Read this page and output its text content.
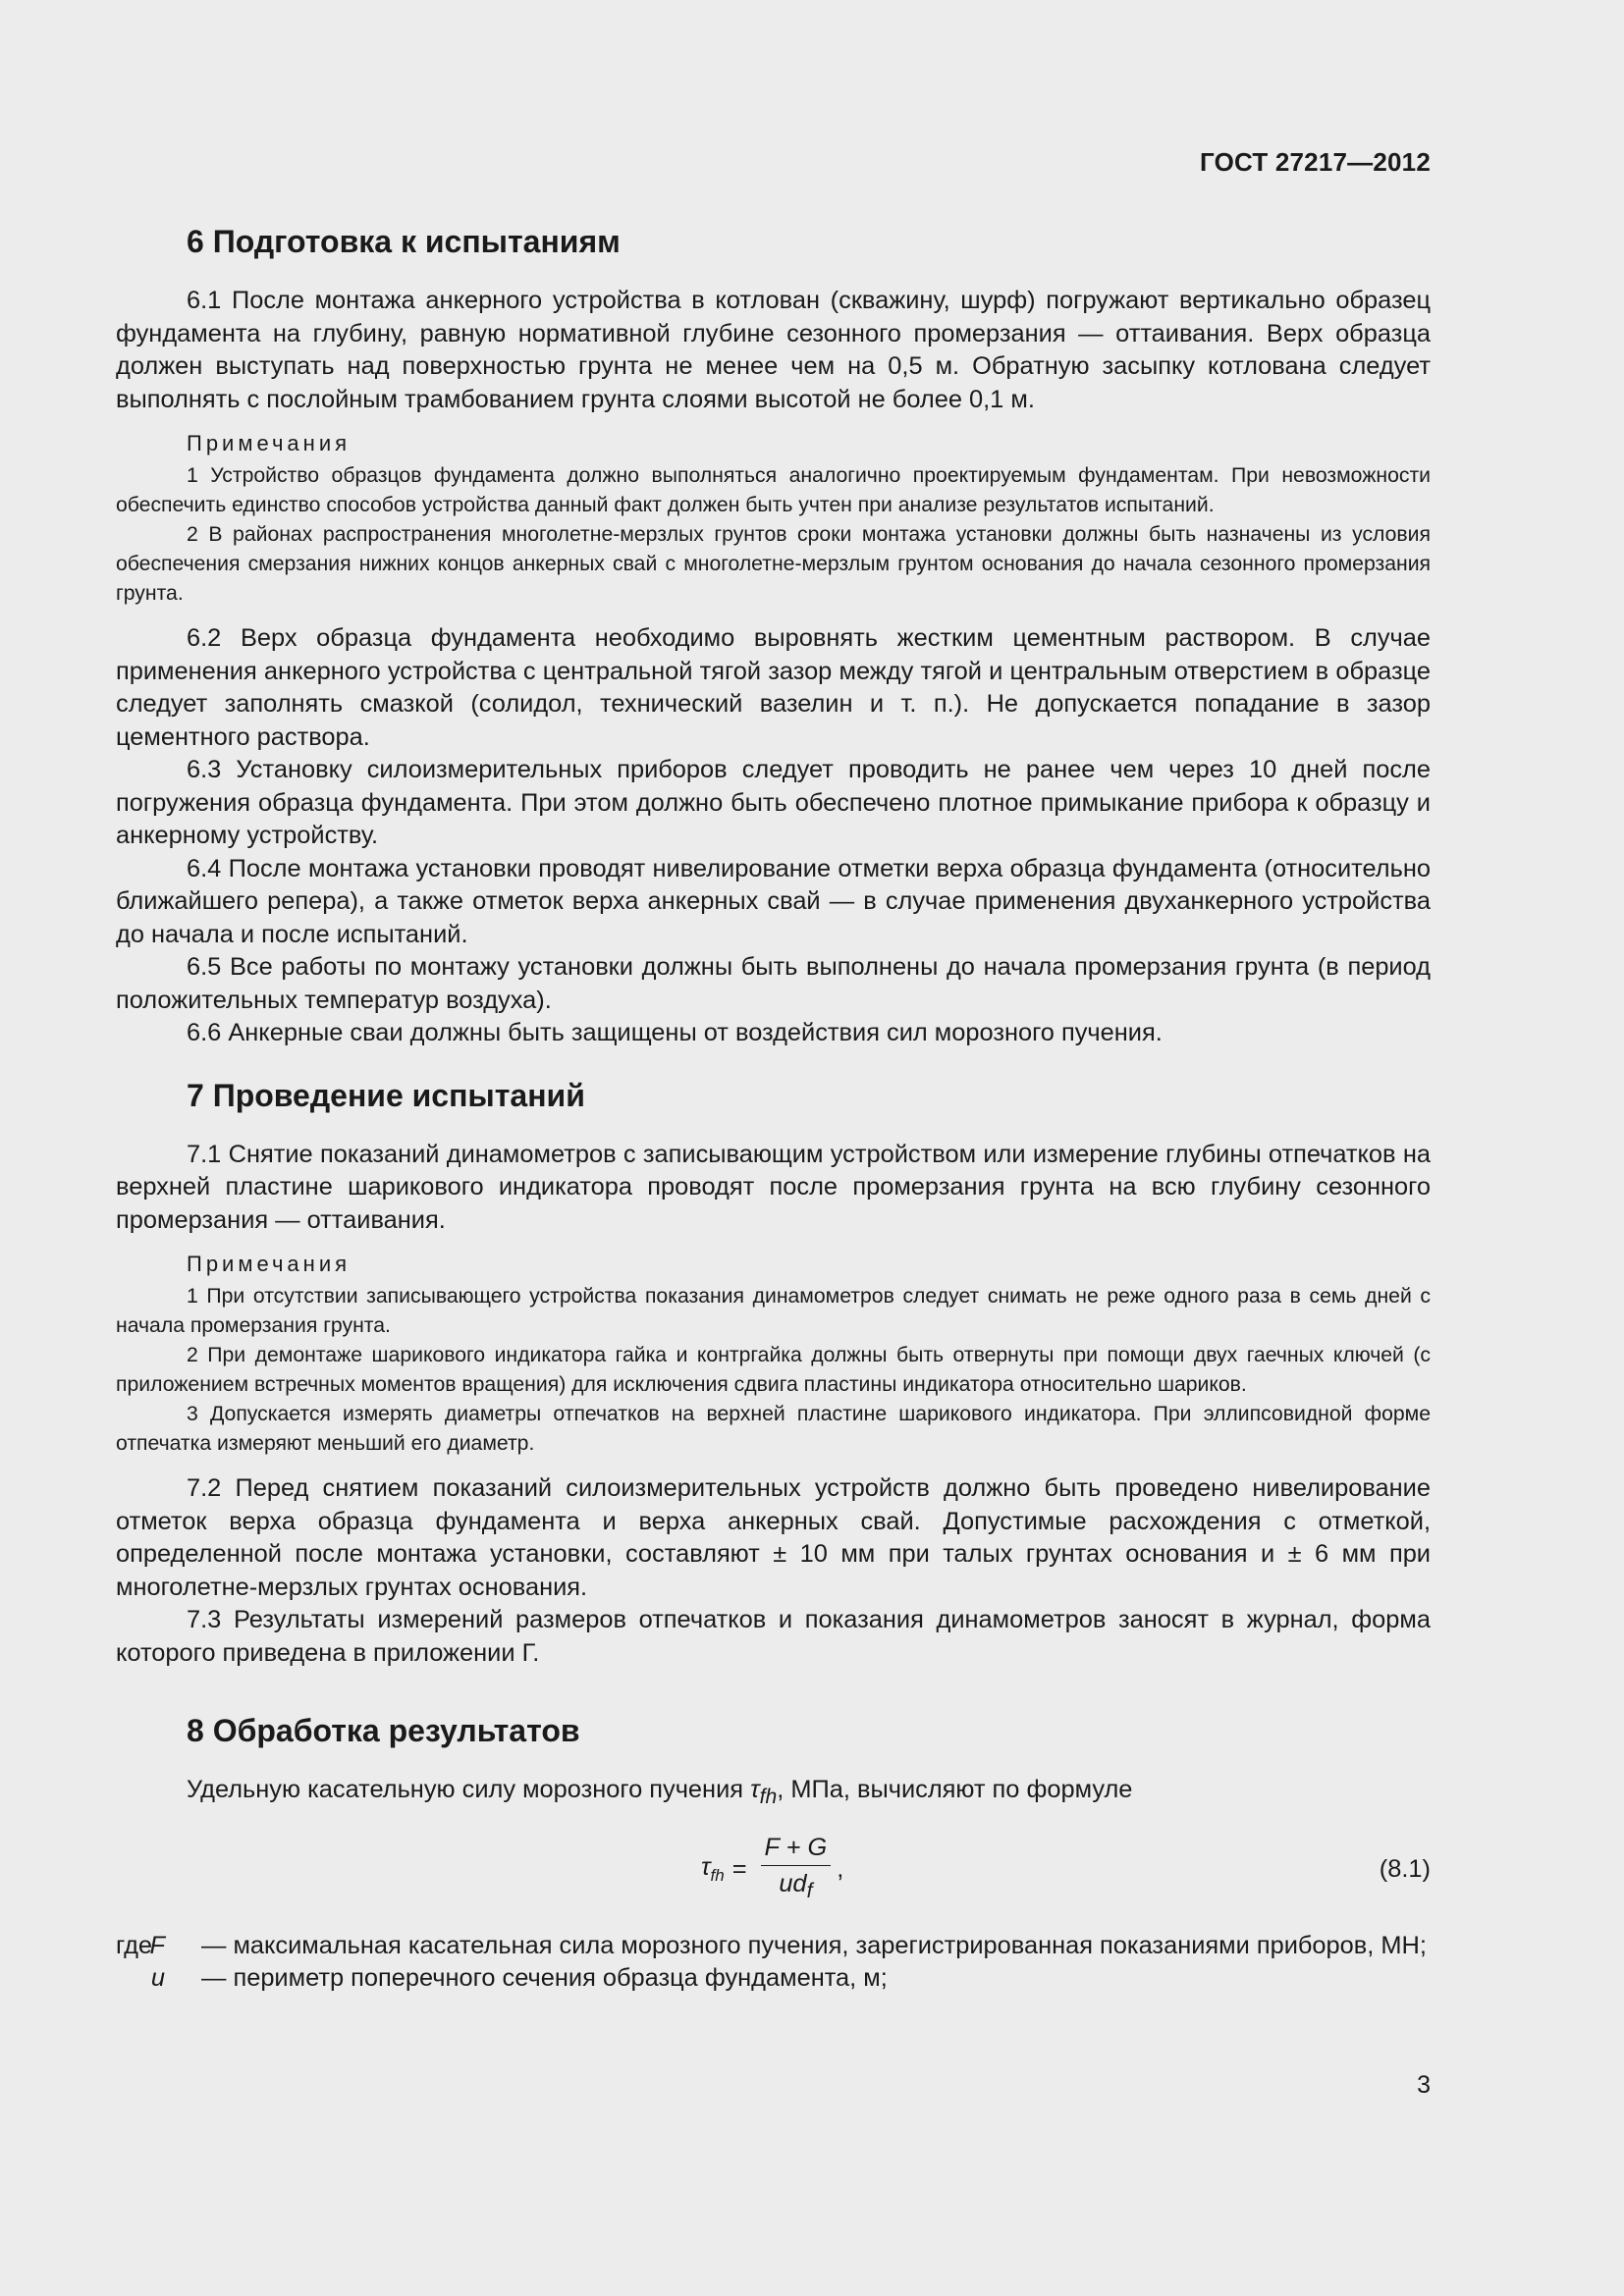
ГОСТ 27217—2012
6 Подготовка к испытаниям

6.1 После монтажа анкерного устройства в котлован (скважину, шурф) погружают вертикально образец фундамента на глубину, равную нормативной глубине сезонного промерзания — оттаивания. Верх образца должен выступать над поверхностью грунта не менее чем на 0,5 м. Обратную засыпку котлована следует выполнять с послойным трамбованием грунта слоями высотой не более 0,1 м.

Примечания

1 Устройство образцов фундамента должно выполняться аналогично проектируемым фундаментам. При невозможности обеспечить единство способов устройства данный факт должен быть учтен при анализе результатов испытаний.

2 В районах распространения многолетне-мерзлых грунтов сроки монтажа установки должны быть назначены из условия обеспечения смерзания нижних концов анкерных свай с многолетне-мерзлым грунтом основания до начала сезонного промерзания грунта.

6.2 Верх образца фундамента необходимо выровнять жестким цементным раствором. В случае применения анкерного устройства с центральной тягой зазор между тягой и центральным отверстием в образце следует заполнять смазкой (солидол, технический вазелин и т. п.). Не допускается попадание в зазор цементного раствора.

6.3 Установку силоизмерительных приборов следует проводить не ранее чем через 10 дней после погружения образца фундамента. При этом должно быть обеспечено плотное примыкание прибора к образцу и анкерному устройству.

6.4 После монтажа установки проводят нивелирование отметки верха образца фундамента (относительно ближайшего репера), а также отметок верха анкерных свай — в случае применения двуханкерного устройства до начала и после испытаний.

6.5 Все работы по монтажу установки должны быть выполнены до начала промерзания грунта (в период положительных температур воздуха).

6.6 Анкерные сваи должны быть защищены от воздействия сил морозного пучения.

7 Проведение испытаний

7.1 Снятие показаний динамометров с записывающим устройством или измерение глубины отпечатков на верхней пластине шарикового индикатора проводят после промерзания грунта на всю глубину сезонного промерзания — оттаивания.

Примечания

1 При отсутствии записывающего устройства показания динамометров следует снимать не реже одного раза в семь дней с начала промерзания грунта.

2 При демонтаже шарикового индикатора гайка и контргайка должны быть отвернуты при помощи двух гаечных ключей (с приложением встречных моментов вращения) для исключения сдвига пластины индикатора относительно шариков.

3 Допускается измерять диаметры отпечатков на верхней пластине шарикового индикатора. При эллипсовидной форме отпечатка измеряют меньший его диаметр.

7.2 Перед снятием показаний силоизмерительных устройств должно быть проведено нивелирование отметок верха образца фундамента и верха анкерных свай. Допустимые расхождения с отметкой, определенной после монтажа установки, составляют ± 10 мм при талых грунтах основания и ± 6 мм при многолетне-мерзлых грунтах основания.

7.3 Результаты измерений размеров отпечатков и показания динамометров заносят в журнал, форма которого приведена в приложении Г.

8 Обработка результатов

Удельную касательную силу морозного пучения $\tau_{fh}$, МПа, вычисляют по формуле

$\tau_{fh} = \frac{F + G}{ud_f}$ ,	(8.1)
где
F	— максимальная касательная сила морозного пучения, зарегистрированная показаниями приборов, МН;
u	— периметр поперечного сечения образца фундамента, м;
3
